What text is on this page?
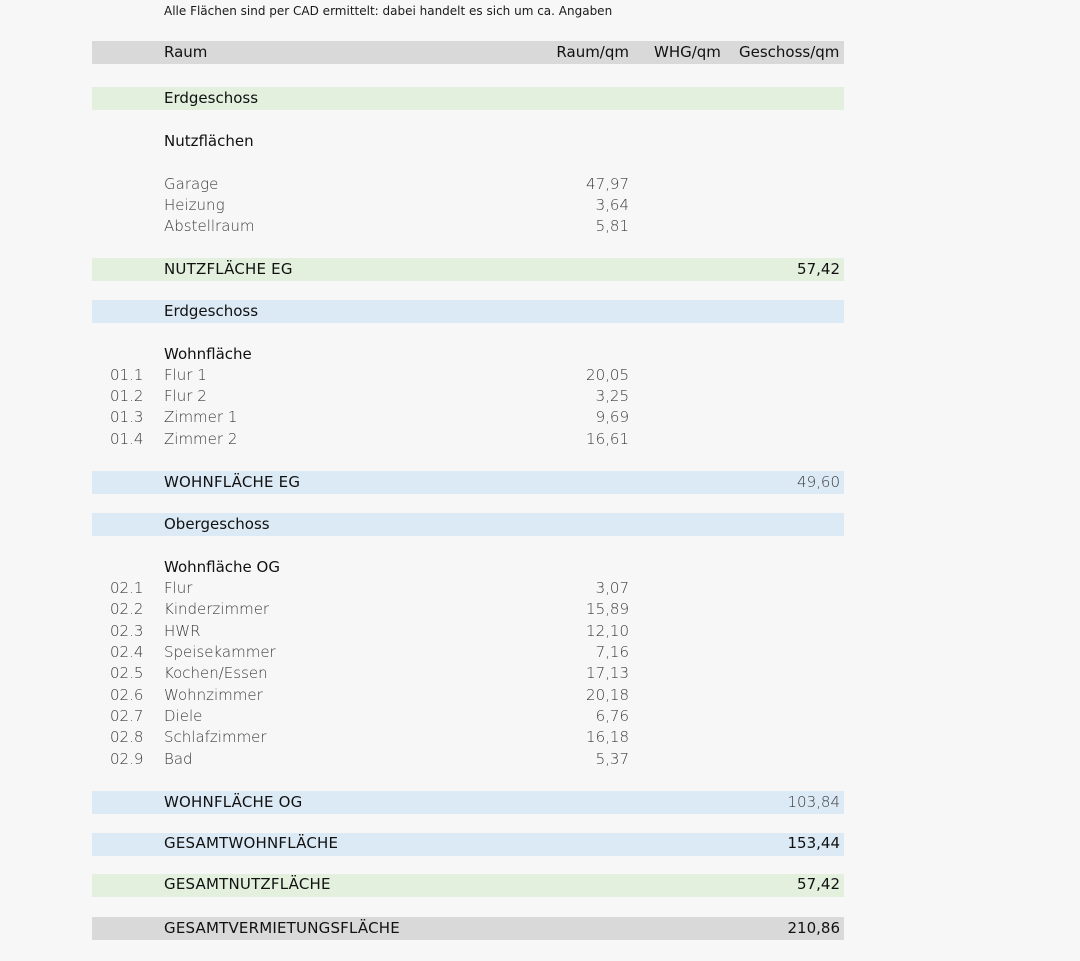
Alle Flächen sind per CAD ermittelt: dabei handelt es sich um ca. Angaben
Raum	Raum/qm WHG/qm Geschoss/qm
Erdgeschoss
Nutzflächen
Garage	47,97
Heizung	3,64
Abstellraum	5,81
NUTZFLÄCHE EG	57,42
Erdgeschoss
Wohnfläche
01.1 Flur 1	20,05
01.2 Flur 2	3,25
01.3 Zimmer 1	9,69
01.4 Zimmer 2	16,61
WOHNFLÄCHE EG	49,60
Obergeschoss
Wohnfläche OG
02.1 Flur	3,07
02.2 Kinderzimmer	15,89
02.3 HWR	12,10
02.4 Speisekammer	7,16
02.5 Kochen/Essen	17,13
02.6 Wohnzimmer	20,18
02.7 Diele	6,76
02.8 Schlafzimmer	16,18
02.9 Bad	5,37
WOHNFLÄCHE OG	103,84
GESAMTWOHNFLÄCHE	153,44
GESAMTNUTZFLÄCHE	57,42
GESAMTVERMIETUNGSFLÄCHE	210,86
